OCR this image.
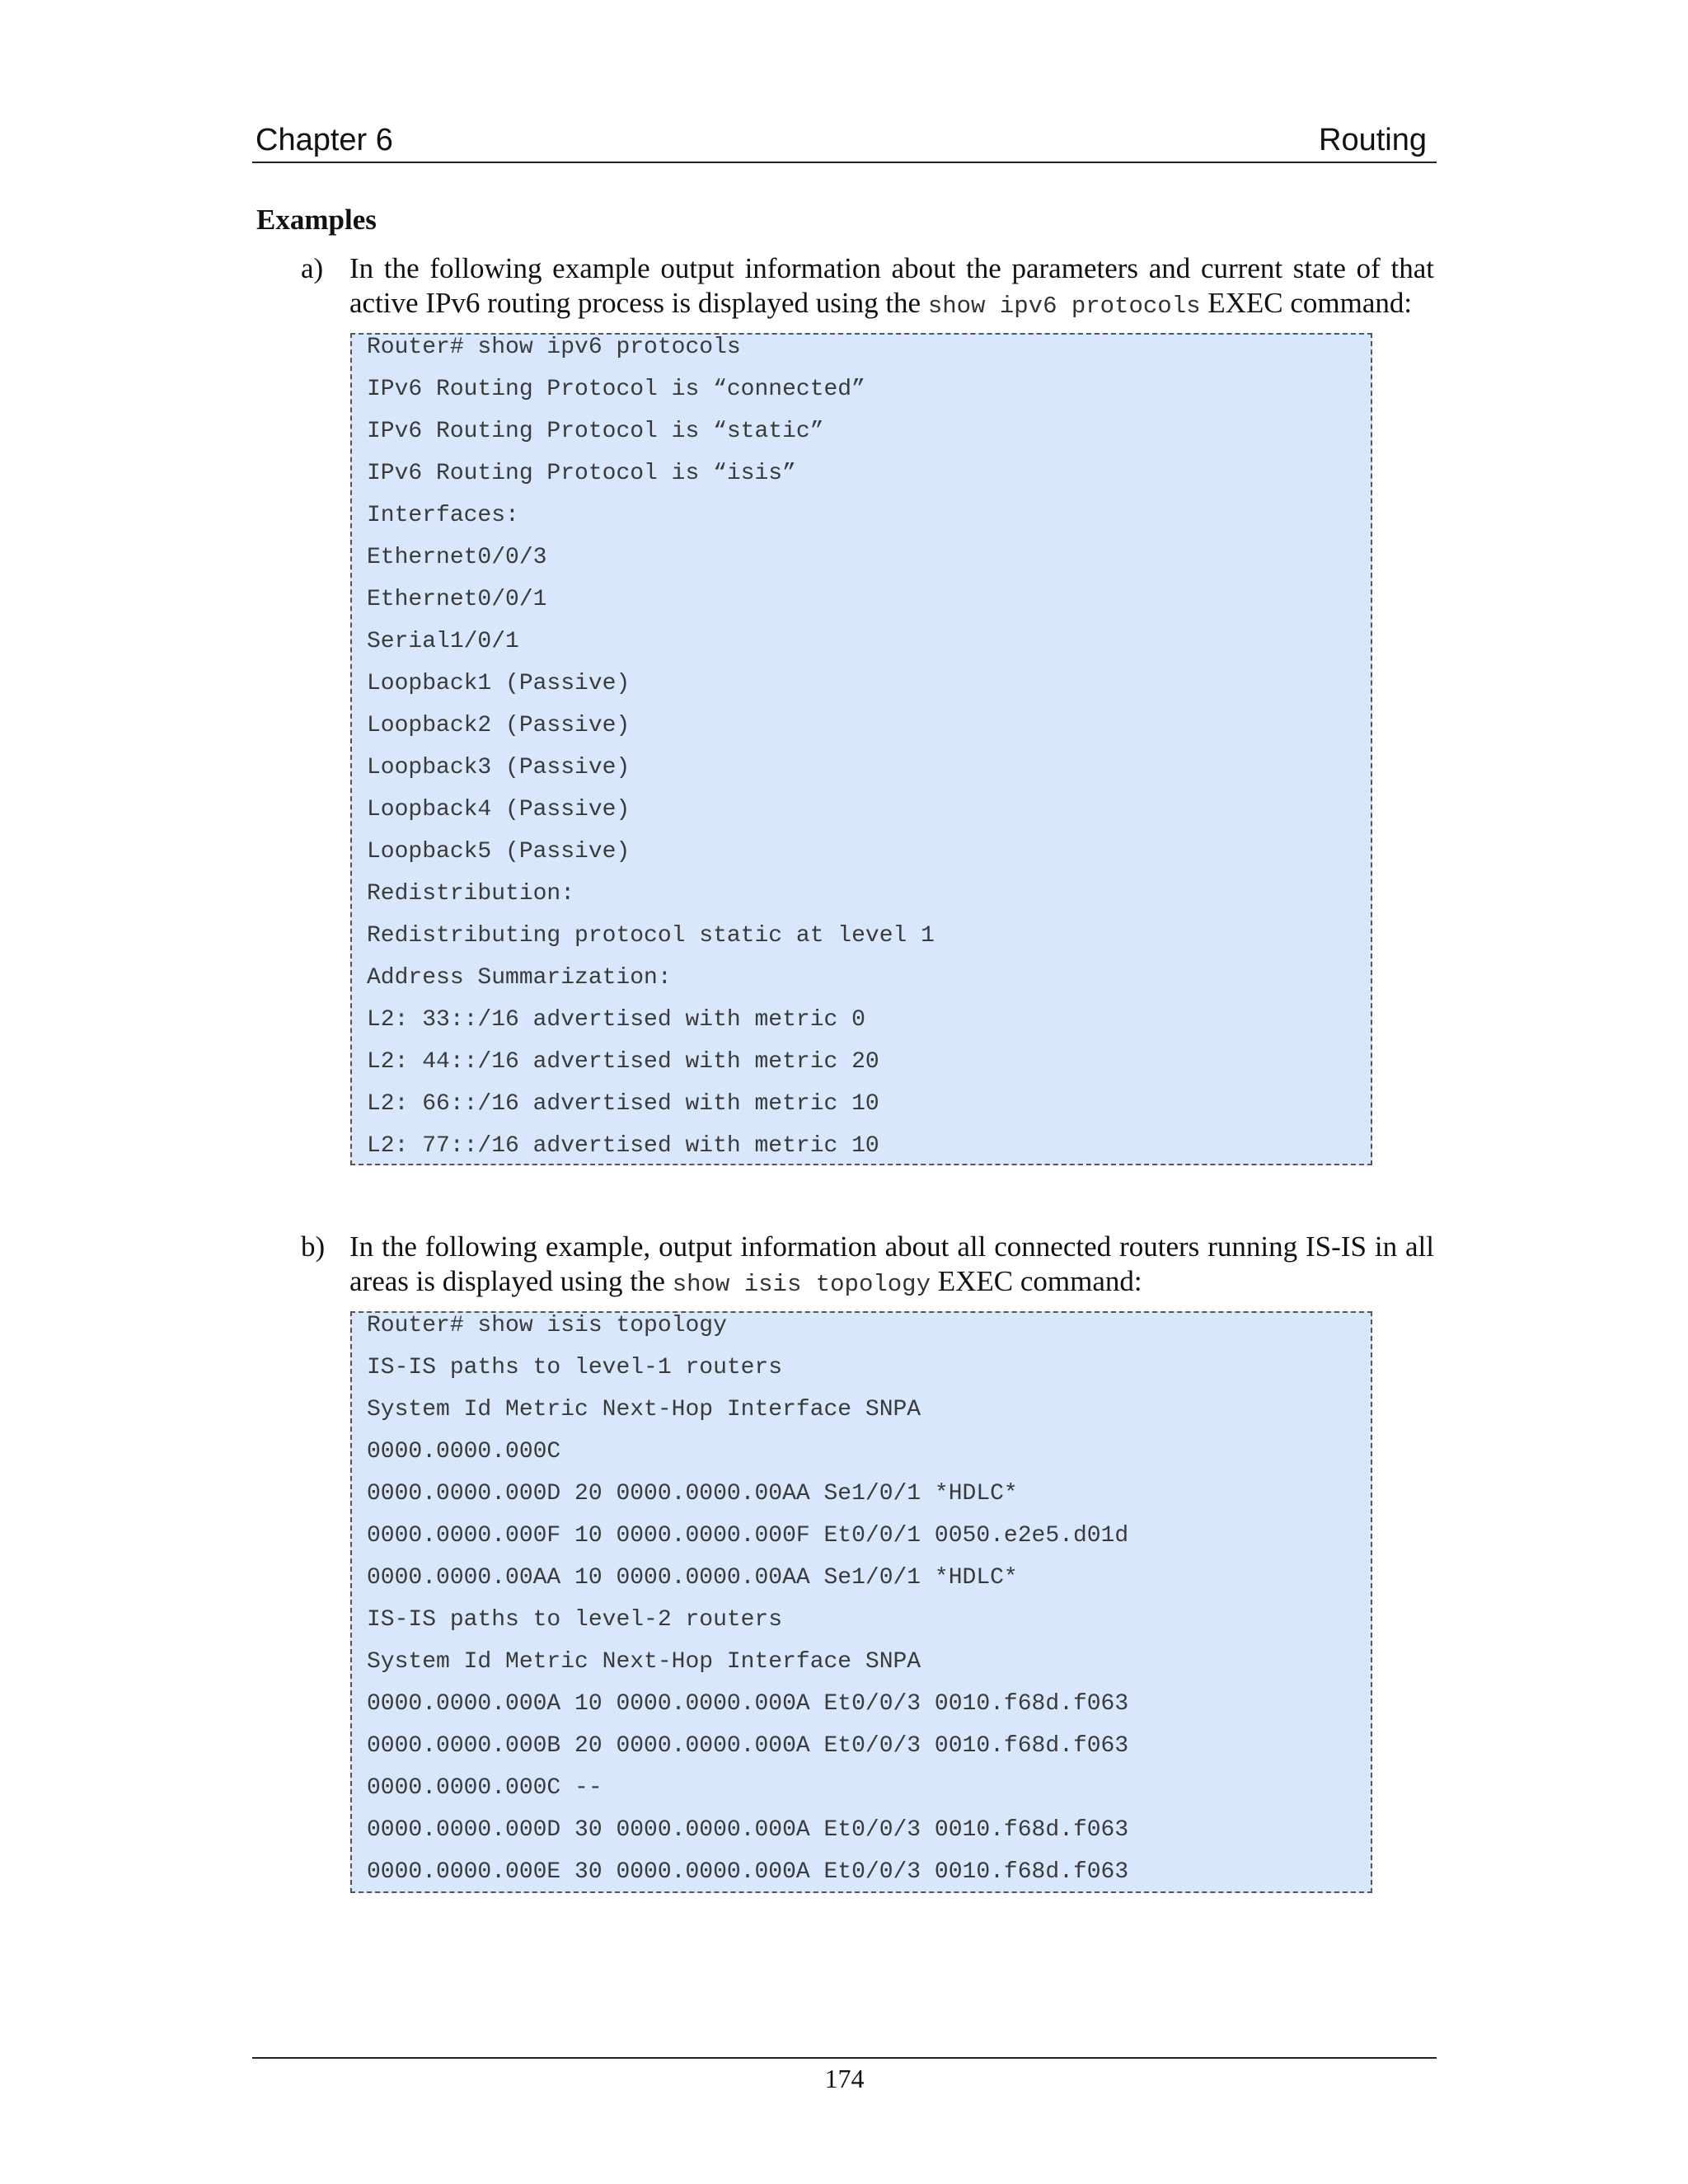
Chapter 6	Routing
Examples
a) In the following example output information about the parameters and current state of that active IPv6 routing process is displayed using the show ipv6 protocols EXEC command:
Router# show ipv6 protocols
IPv6 Routing Protocol is “connected”
IPv6 Routing Protocol is “static”
IPv6 Routing Protocol is “isis”
Interfaces:
Ethernet0/0/3
Ethernet0/0/1
Serial1/0/1
Loopback1 (Passive)
Loopback2 (Passive)
Loopback3 (Passive)
Loopback4 (Passive)
Loopback5 (Passive)
Redistribution:
Redistributing protocol static at level 1
Address Summarization:
L2: 33::/16 advertised with metric 0
L2: 44::/16 advertised with metric 20
L2: 66::/16 advertised with metric 10
L2: 77::/16 advertised with metric 10
b) In the following example, output information about all connected routers running IS-IS in all areas is displayed using the show isis topology EXEC command:
Router# show isis topology
IS-IS paths to level-1 routers
System Id Metric Next-Hop Interface SNPA
0000.0000.000C
0000.0000.000D 20 0000.0000.00AA Se1/0/1 *HDLC*
0000.0000.000F 10 0000.0000.000F Et0/0/1 0050.e2e5.d01d
0000.0000.00AA 10 0000.0000.00AA Se1/0/1 *HDLC*
IS-IS paths to level-2 routers
System Id Metric Next-Hop Interface SNPA
0000.0000.000A 10 0000.0000.000A Et0/0/3 0010.f68d.f063
0000.0000.000B 20 0000.0000.000A Et0/0/3 0010.f68d.f063
0000.0000.000C --
0000.0000.000D 30 0000.0000.000A Et0/0/3 0010.f68d.f063
0000.0000.000E 30 0000.0000.000A Et0/0/3 0010.f68d.f063
174
